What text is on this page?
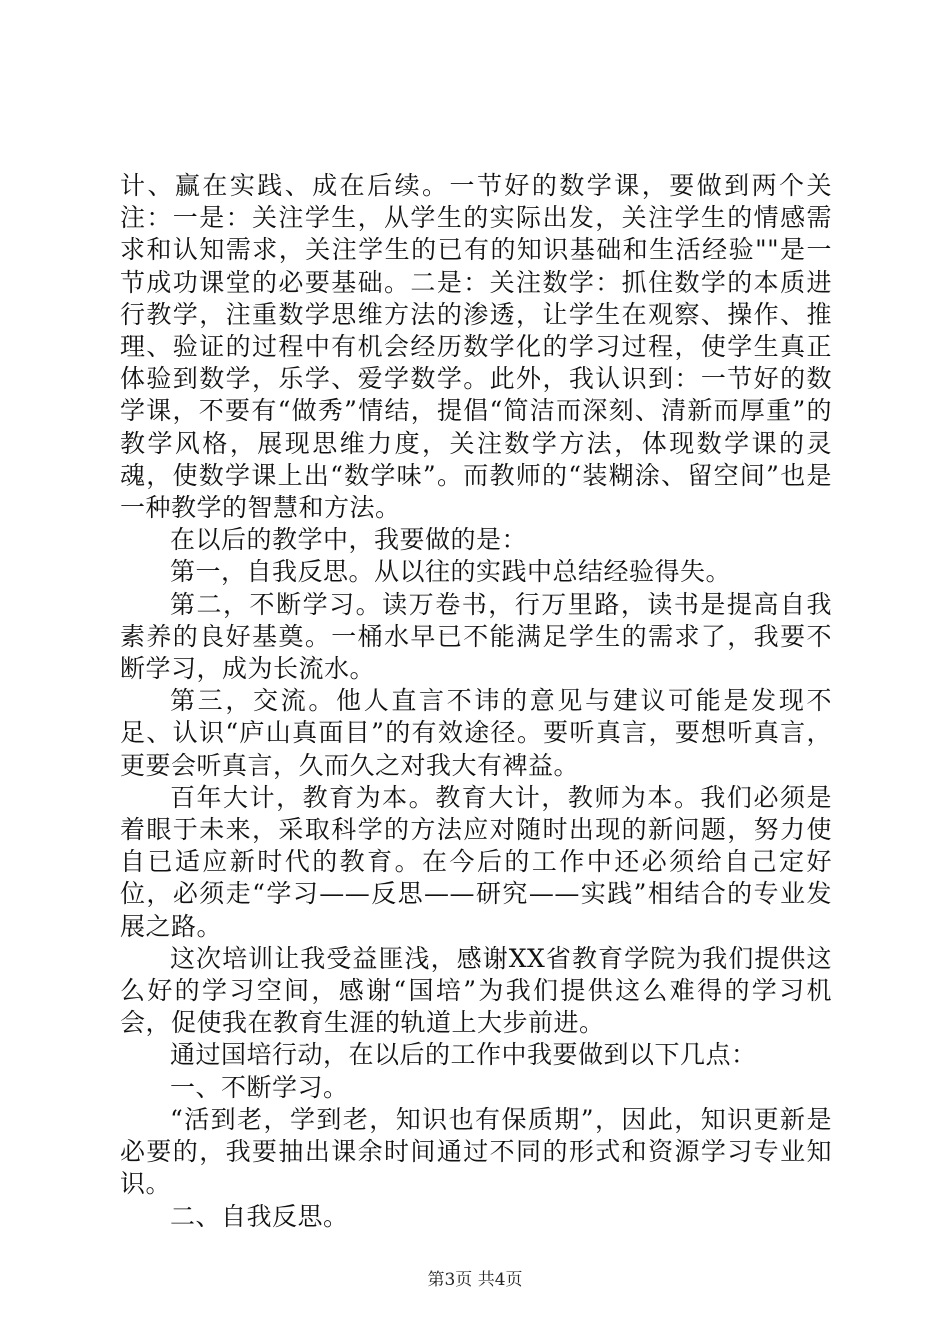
计、赢在实践、成在后续。一节好的数学课，要做到两个关注：一是：关注学生，从学生的实际出发，关注学生的情感需求和认知需求，关注学生的已有的知识基础和生活经验""是一节成功课堂的必要基础。二是：关注数学：抓住数学的本质进行教学，注重数学思维方法的渗透，让学生在观察、操作、推理、验证的过程中有机会经历数学化的学习过程，使学生真正体验到数学，乐学、爱学数学。此外，我认识到：一节好的数学课，不要有“做秀”情结，提倡“简洁而深刻、清新而厚重”的教学风格，展现思维力度，关注数学方法，体现数学课的灵魂，使数学课上出“数学味”。而教师的“装糊涂、留空间”也是一种教学的智慧和方法。

在以后的教学中，我要做的是：

第一，自我反思。从以往的实践中总结经验得失。

第二，不断学习。读万卷书，行万里路，读书是提高自我素养的良好基奠。一桶水早已不能满足学生的需求了，我要不断学习，成为长流水。

第三，交流。他人直言不讳的意见与建议可能是发现不足、认识“庐山真面目”的有效途径。要听真言，要想听真言，更要会听真言，久而久之对我大有裨益。

百年大计，教育为本。教育大计，教师为本。我们必须是着眼于未来，采取科学的方法应对随时出现的新问题，努力使自已适应新时代的教育。在今后的工作中还必须给自己定好位，必须走“学习——反思——研究——实践”相结合的专业发展之路。

这次培训让我受益匪浅，感谢XX省教育学院为我们提供这么好的学习空间，感谢“国培”为我们提供这么难得的学习机会，促使我在教育生涯的轨道上大步前进。

通过国培行动，在以后的工作中我要做到以下几点：

一、不断学习。

“活到老，学到老，知识也有保质期”，因此，知识更新是必要的，我要抽出课余时间通过不同的形式和资源学习专业知识。

二、自我反思。

第3页 共4页
